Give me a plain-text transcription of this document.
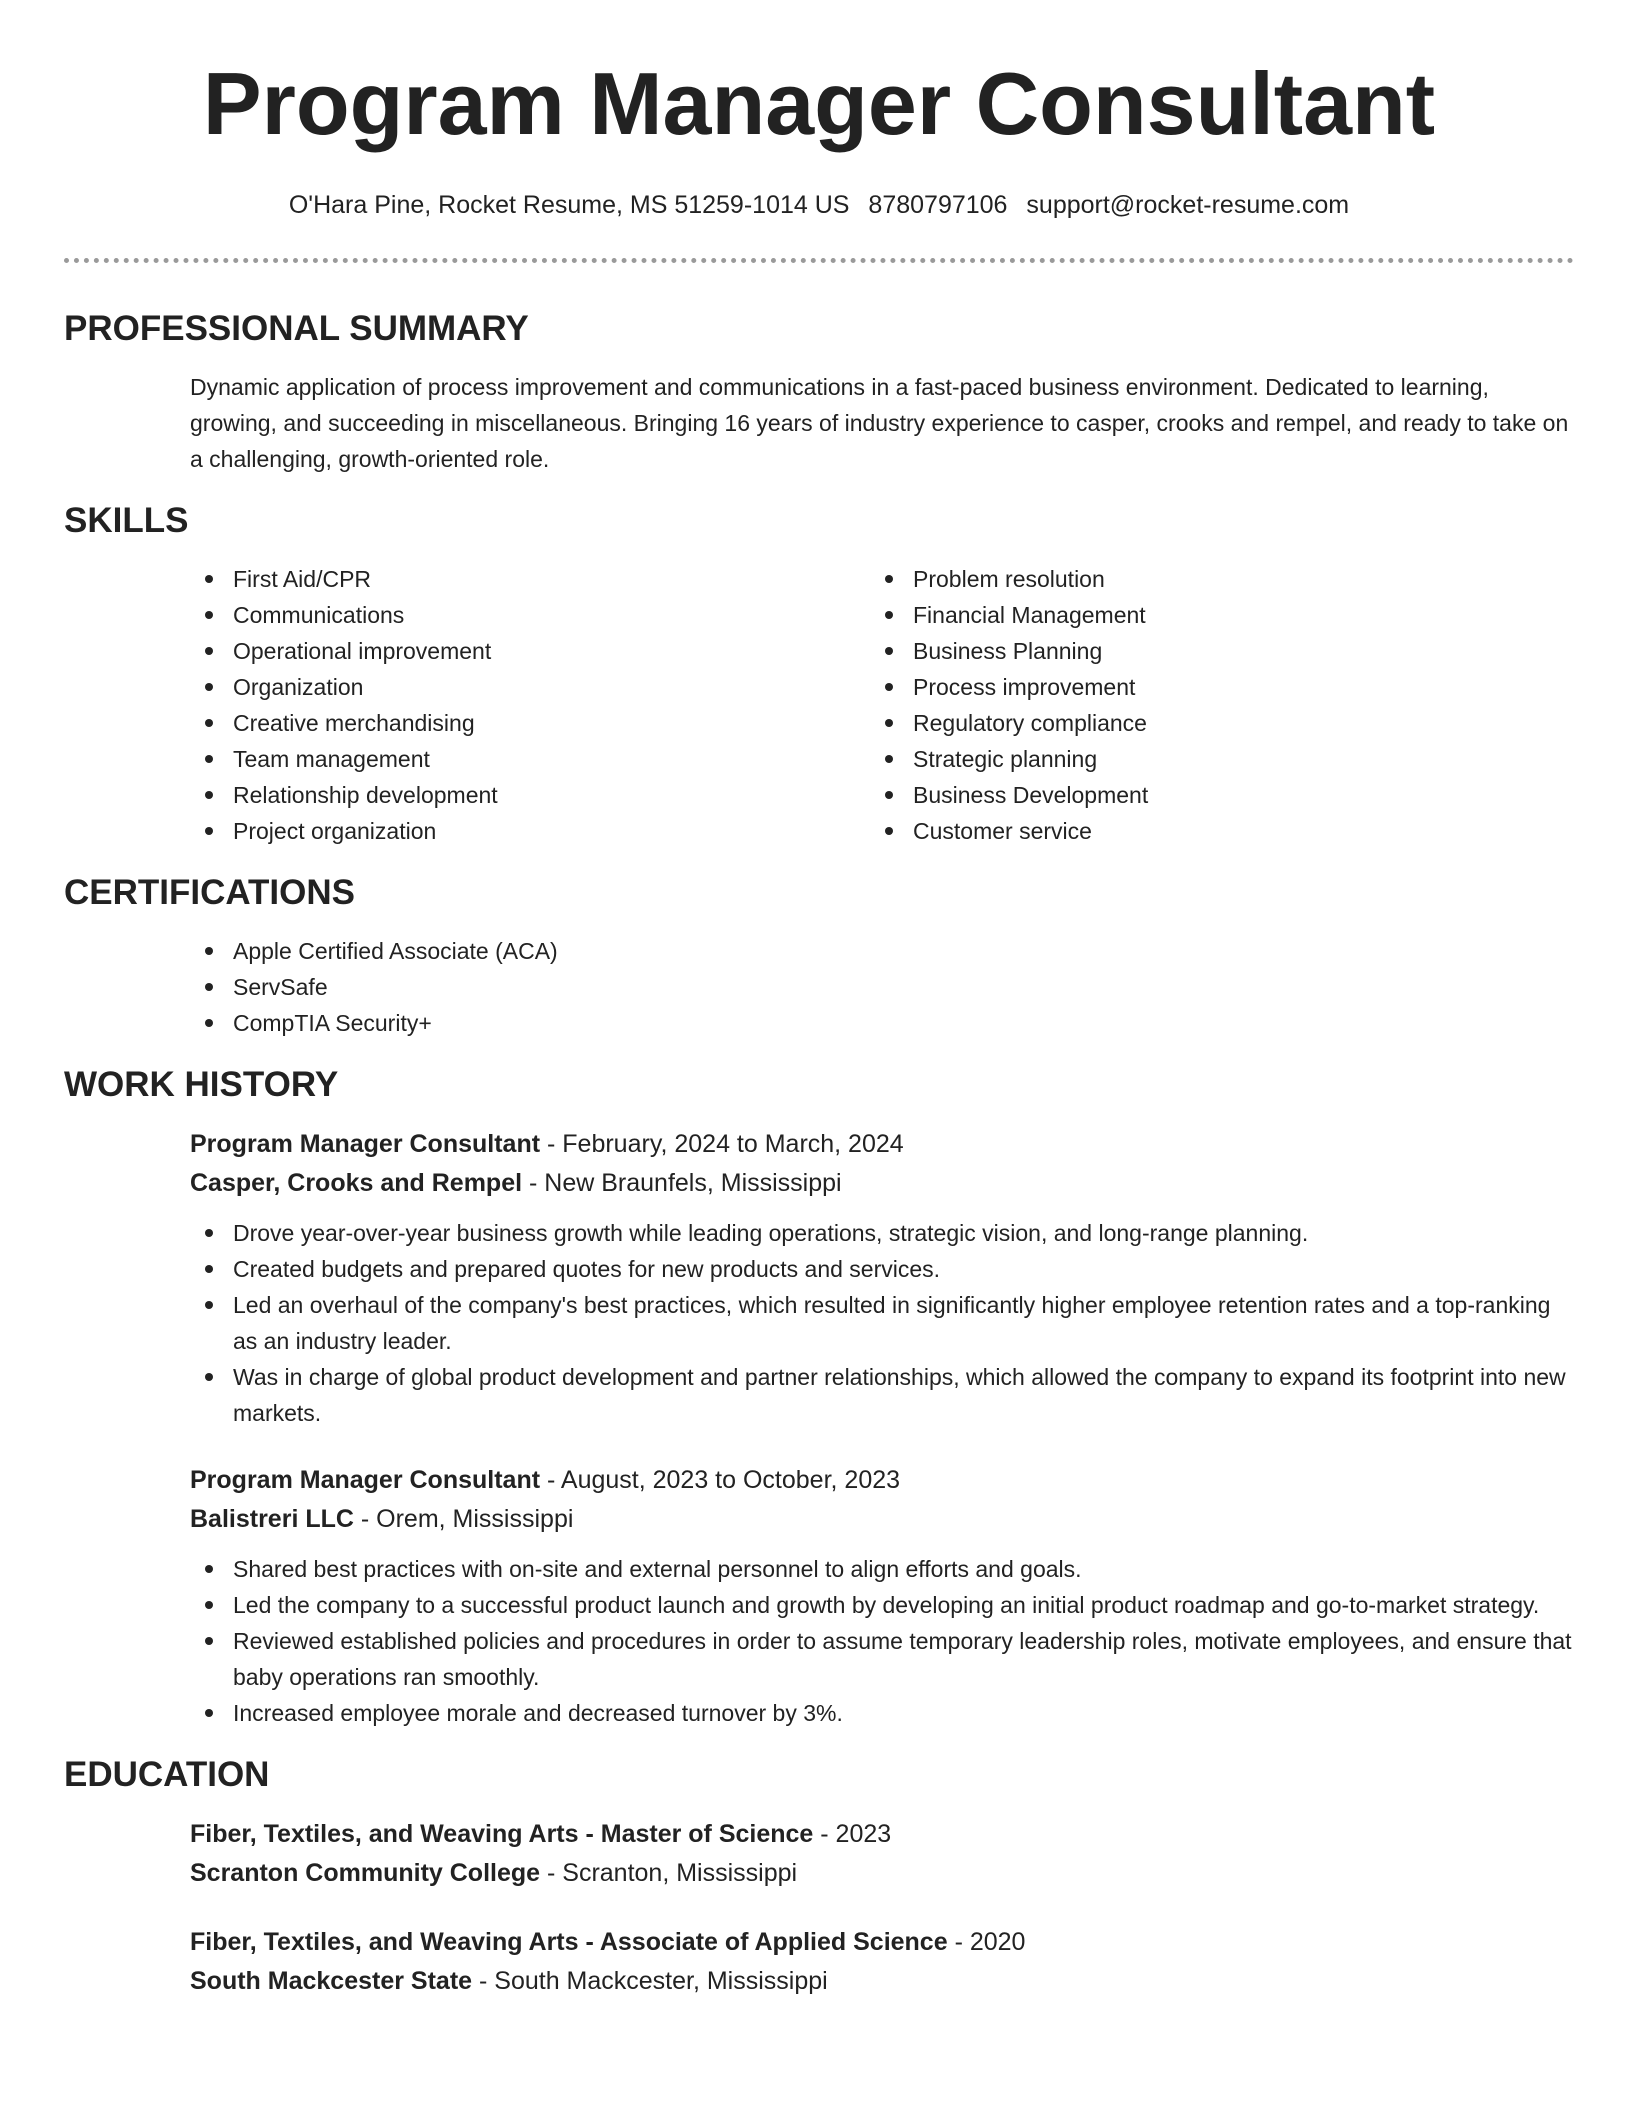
Program Manager Consultant
O'Hara Pine, Rocket Resume, MS 51259-1014 US 8780797106 support@rocket-resume.com
PROFESSIONAL SUMMARY
Dynamic application of process improvement and communications in a fast-paced business environment. Dedicated to learning, growing, and succeeding in miscellaneous. Bringing 16 years of industry experience to casper, crooks and rempel, and ready to take on a challenging, growth-oriented role.
SKILLS
First Aid/CPR
Communications
Operational improvement
Organization
Creative merchandising
Team management
Relationship development
Project organization
Problem resolution
Financial Management
Business Planning
Process improvement
Regulatory compliance
Strategic planning
Business Development
Customer service
CERTIFICATIONS
Apple Certified Associate (ACA)
ServSafe
CompTIA Security+
WORK HISTORY
Program Manager Consultant - February, 2024 to March, 2024
Casper, Crooks and Rempel - New Braunfels, Mississippi
Drove year-over-year business growth while leading operations, strategic vision, and long-range planning.
Created budgets and prepared quotes for new products and services.
Led an overhaul of the company's best practices, which resulted in significantly higher employee retention rates and a top-ranking as an industry leader.
Was in charge of global product development and partner relationships, which allowed the company to expand its footprint into new markets.
Program Manager Consultant - August, 2023 to October, 2023
Balistreri LLC - Orem, Mississippi
Shared best practices with on-site and external personnel to align efforts and goals.
Led the company to a successful product launch and growth by developing an initial product roadmap and go-to-market strategy.
Reviewed established policies and procedures in order to assume temporary leadership roles, motivate employees, and ensure that baby operations ran smoothly.
Increased employee morale and decreased turnover by 3%.
EDUCATION
Fiber, Textiles, and Weaving Arts - Master of Science - 2023
Scranton Community College - Scranton, Mississippi
Fiber, Textiles, and Weaving Arts - Associate of Applied Science - 2020
South Mackcester State - South Mackcester, Mississippi
